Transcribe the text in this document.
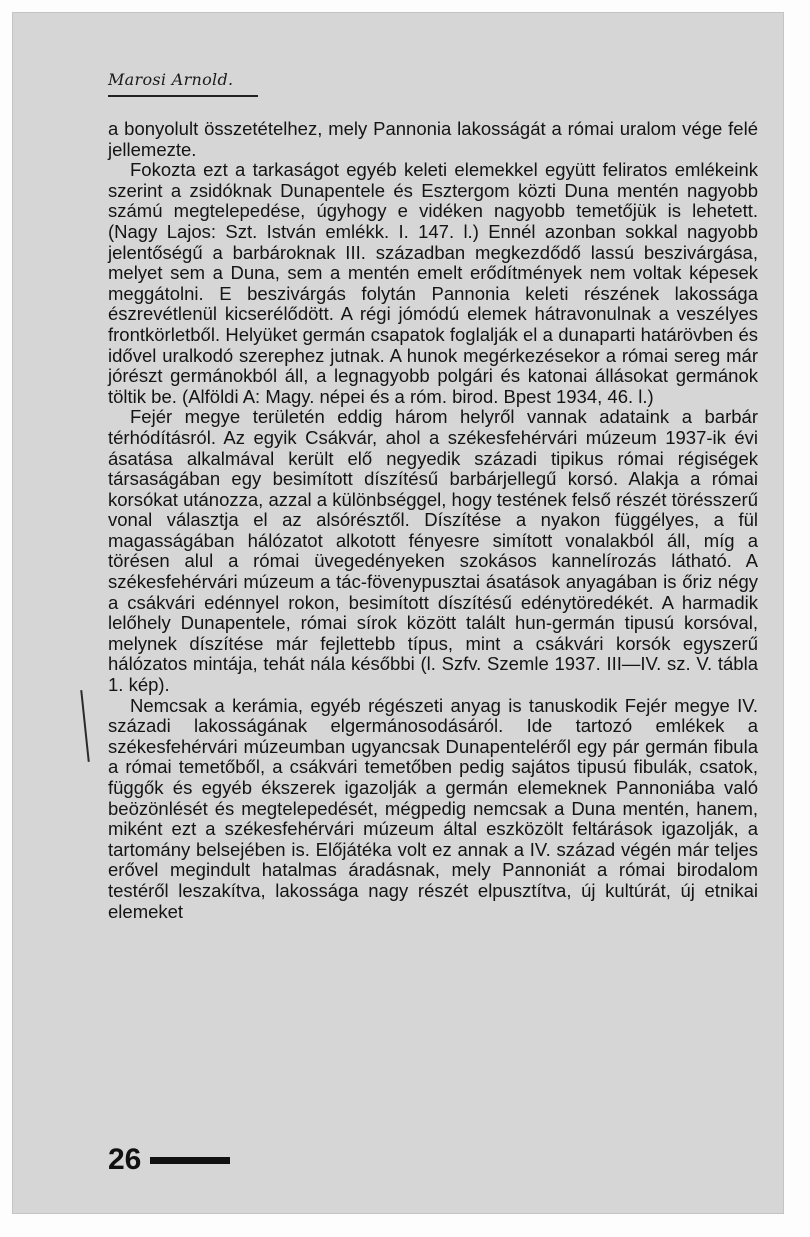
Marosi Arnold.

a bonyolult összetételhez, mely Pannonia lakosságát a római uralom vége felé jellemezte.

Fokozta ezt a tarkaságot egyéb keleti elemekkel együtt feliratos emlékeink szerint a zsidóknak Dunapentele és Esztergom közti Duna mentén nagyobb számú megtelepedése, úgyhogy e vidéken nagyobb temetőjük is lehetett. (Nagy Lajos: Szt. István emlékk. I. 147. l.) Ennél azonban sokkal nagyobb jelentőségű a barbároknak III. században megkezdődő lassú beszivárgása, melyet sem a Duna, sem a mentén emelt erődítmények nem voltak képesek meggátolni. E beszivárgás folytán Pannonia keleti részének lakossága észrevétlenül kicserélődött. A régi jómódú elemek hátravonulnak a veszélyes frontkörletből. Helyüket germán csapatok foglalják el a dunaparti határövben és idővel uralkodó szerephez jutnak. A hunok megérkezésekor a római sereg már jórészt germánokból áll, a legnagyobb polgári és katonai állásokat germánok töltik be. (Alföldi A: Magy. népei és a róm. birod. Bpest 1934, 46. l.)

Fejér megye területén eddig három helyről vannak adataink a barbár térhódításról. Az egyik Csákvár, ahol a székesfehérvári múzeum 1937-ik évi ásatása alkalmával került elő negyedik századi tipikus római régiségek társaságában egy besimított díszítésű barbárjellegű korsó. Alakja a római korsókat utánozza, azzal a különbséggel, hogy testének felső részét törésszerű vonal választja el az alsórésztől. Díszítése a nyakon függélyes, a fül magasságában hálózatot alkotott fényesre simított vonalakból áll, míg a törésen alul a római üvegedényeken szokásos kannelírozás látható. A székesfehérvári múzeum a tác-fövenypusztai ásatások anyagában is őriz négy a csákvári edénnyel rokon, besimított díszítésű edénytöredékét. A harmadik lelőhely Dunapentele, római sírok között talált hun-germán tipusú korsóval, melynek díszítése már fejlettebb típus, mint a csákvári korsók egyszerű hálózatos mintája, tehát nála későbbi (l. Szfv. Szemle 1937. III—IV. sz. V. tábla 1. kép).

Nemcsak a kerámia, egyéb régészeti anyag is tanuskodik Fejér megye IV. századi lakosságának elgermánosodásáról. Ide tartozó emlékek a székesfehérvári múzeumban ugyancsak Dunapenteléről egy pár germán fibula a római temetőből, a csákvári temetőben pedig sajátos tipusú fibulák, csatok, függők és egyéb ékszerek igazolják a germán elemeknek Pannoniába való beözönlését és megtelepedését, mégpedig nemcsak a Duna mentén, hanem, miként ezt a székesfehérvári múzeum által eszközölt feltárások igazolják, a tartomány belsejében is. Előjátéka volt ez annak a IV. század végén már teljes erővel megindult hatalmas áradásnak, mely Pannoniát a római birodalom testéről leszakítva, lakossága nagy részét elpusztítva, új kultúrát, új etnikai elemeket

26
